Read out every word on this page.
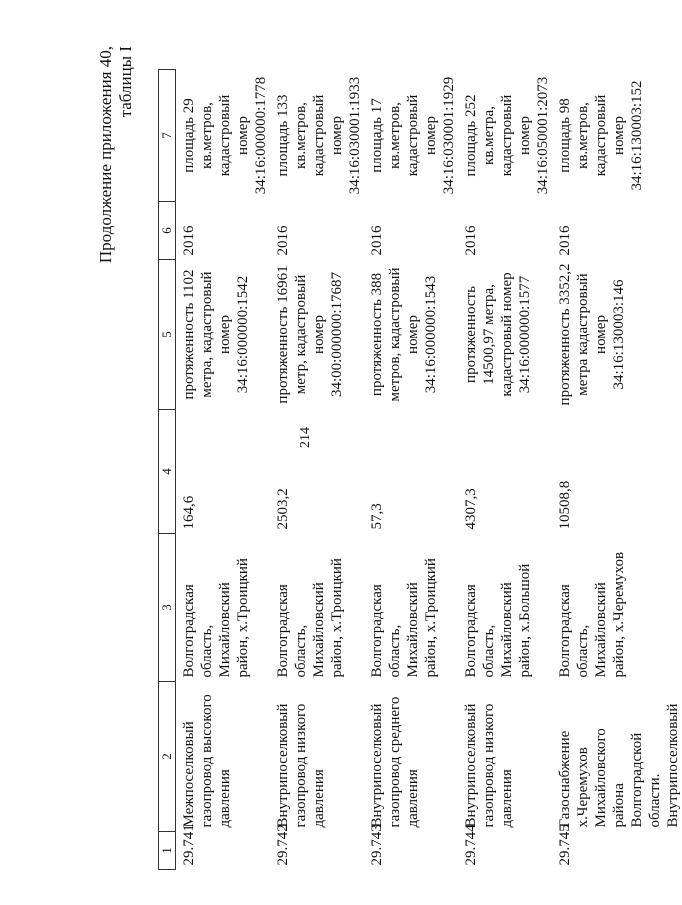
214
Продолжение приложения 40, таблицы I
1	2	3	4	5	6	7
29.741	Межпоселковый газопровод высокого давления	Волгоградская область, Михайловский район, х.Троицкий	164,6	протяженность 1102 метра, кадастровый номер 34:16:000000:1542	2016	площадь 29 кв.метров, кадастровый номер 34:16:000000:1778
29.742	Внутрипоселковый газопровод низкого давления	Волгоградская область, Михайловский район, х.Троицкий	2503,2	протяженность 16961 метр, кадастровый номер 34:00:000000:17687	2016	площадь 133 кв.метров, кадастровый номер 34:16:030001:1933
29.743	Внутрипоселковый газопровод среднего давления	Волгоградская область, Михайловский район, х.Троицкий	57,3	протяженность 388 метров, кадастровый номер 34:16:000000:1543	2016	площадь 17 кв.метров, кадастровый номер 34:16:030001:1929
29.744	Внутрипоселковый газопровод низкого давления	Волгоградская область, Михайловский район, х.Большой	4307,3	протяженность 14500,97 метра, кадастровый номер 34:16:000000:1577	2016	площадь 252 кв.метра, кадастровый номер 34:16:050001:2073
29.745	Газоснабжение х.Черемухов Михайловского района Волгоградской области. Внутрипоселковый	Волгоградская область, Михайловский район, х.Черемухов	10508,8	протяженность 3352,2 метра кадастровый номер 34:16:130003:146	2016	площадь 98 кв.метров, кадастровый номер 34:16:130003:152
